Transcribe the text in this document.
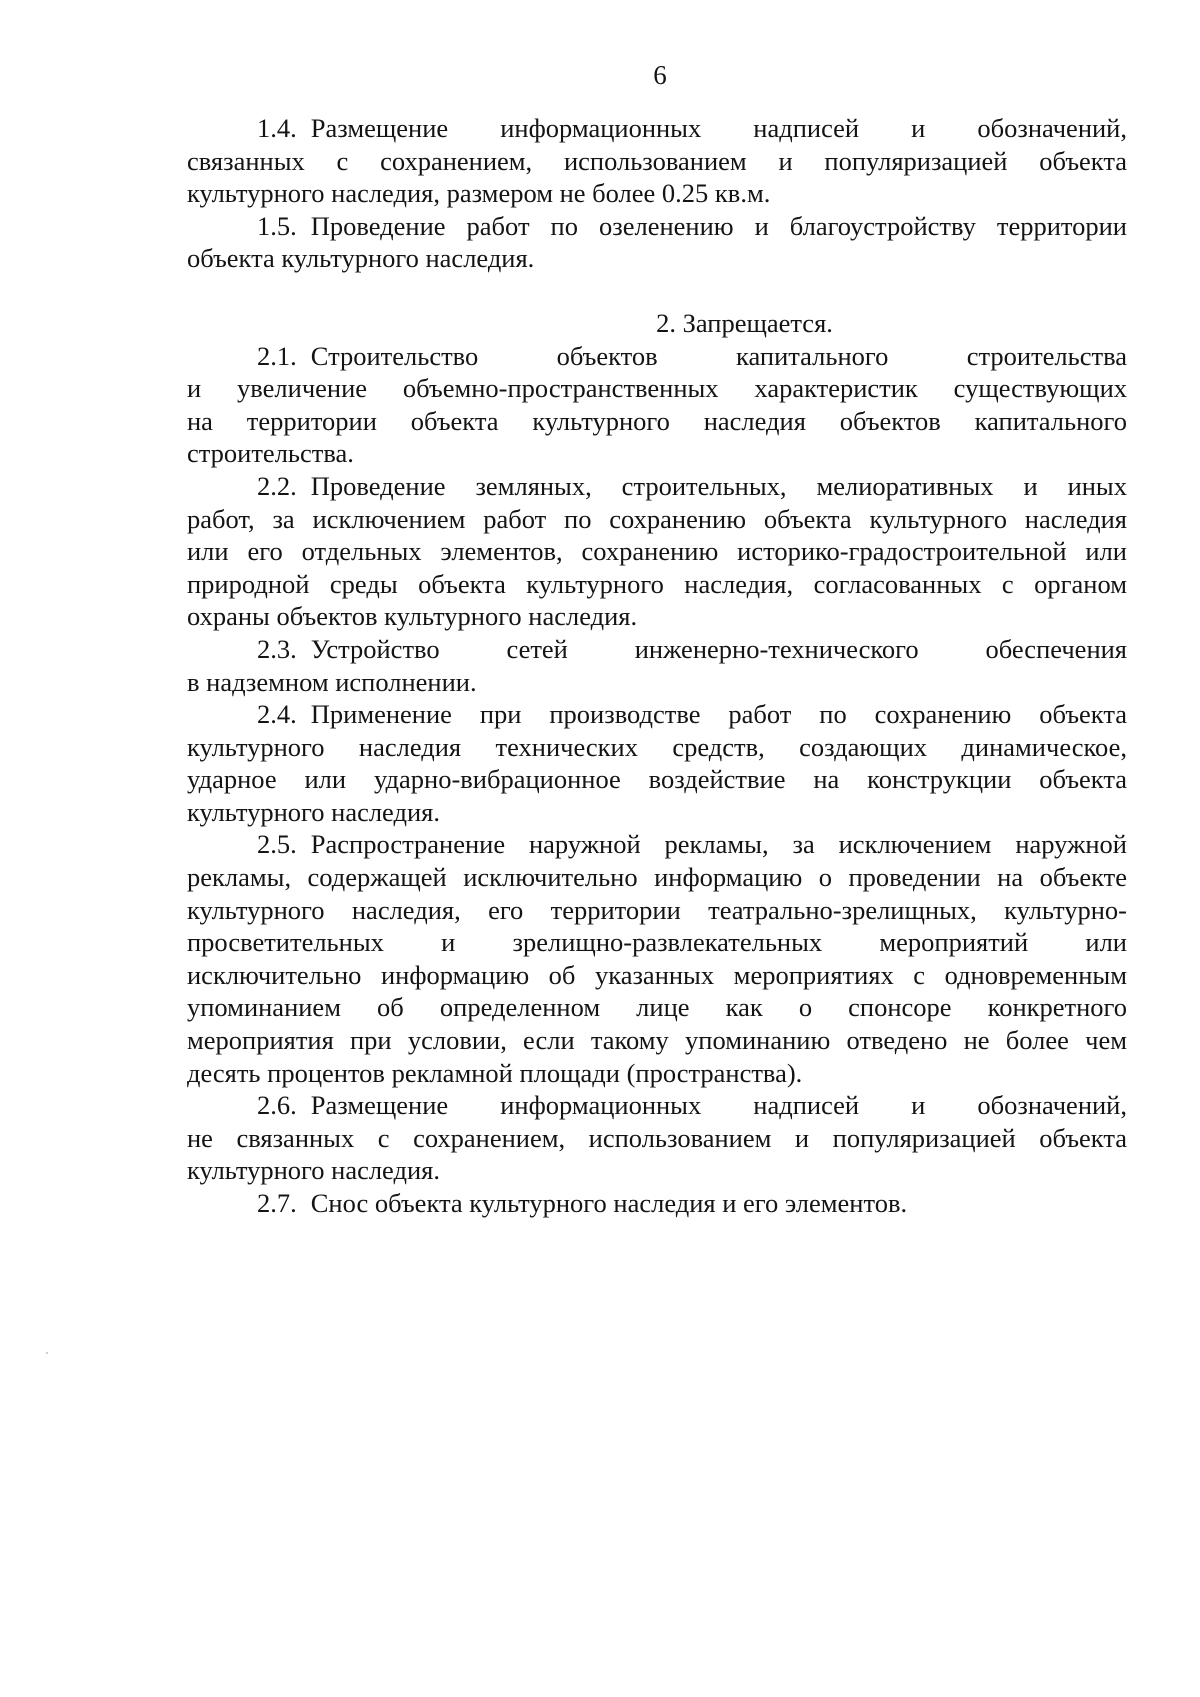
6

1.4. Размещение информационных надписей и обозначений,
связанных с сохранением, использованием и популяризацией объекта
культурного наследия, размером не более 0.25 кв.м.

1.5. Проведение работ по озеленению и благоустройству территории
объекта культурного наследия.

2. Запрещается.

2.1. Строительство объектов капитального строительства
и увеличение объемно-пространственных характеристик существующих
на территории объекта культурного наследия объектов капитального
строительства.

2.2. Проведение земляных, строительных, мелиоративных и иных
работ, за исключением работ по сохранению объекта культурного наследия
или его отдельных элементов, сохранению историко-градостроительной или
природной среды объекта культурного наследия, согласованных с органом
охраны объектов культурного наследия.

2.3. Устройство сетей инженерно-технического обеспечения
в надземном исполнении.

2.4. Применение при производстве работ по сохранению объекта
культурного наследия технических средств, создающих динамическое,
ударное или ударно-вибрационное воздействие на конструкции объекта
культурного наследия.

2.5. Распространение наружной рекламы, за исключением наружной
рекламы, содержащей исключительно информацию о проведении на объекте
культурного наследия, его территории театрально-зрелищных, культурно-
просветительных и зрелищно-развлекательных мероприятий или
исключительно информацию об указанных мероприятиях с одновременным
упоминанием об определенном лице как о спонсоре конкретного
мероприятия при условии, если такому упоминанию отведено не более чем
десять процентов рекламной площади (пространства).

2.6. Размещение информационных надписей и обозначений,
не связанных с сохранением, использованием и популяризацией объекта
культурного наследия.

2.7. Снос объекта культурного наследия и его элементов.
